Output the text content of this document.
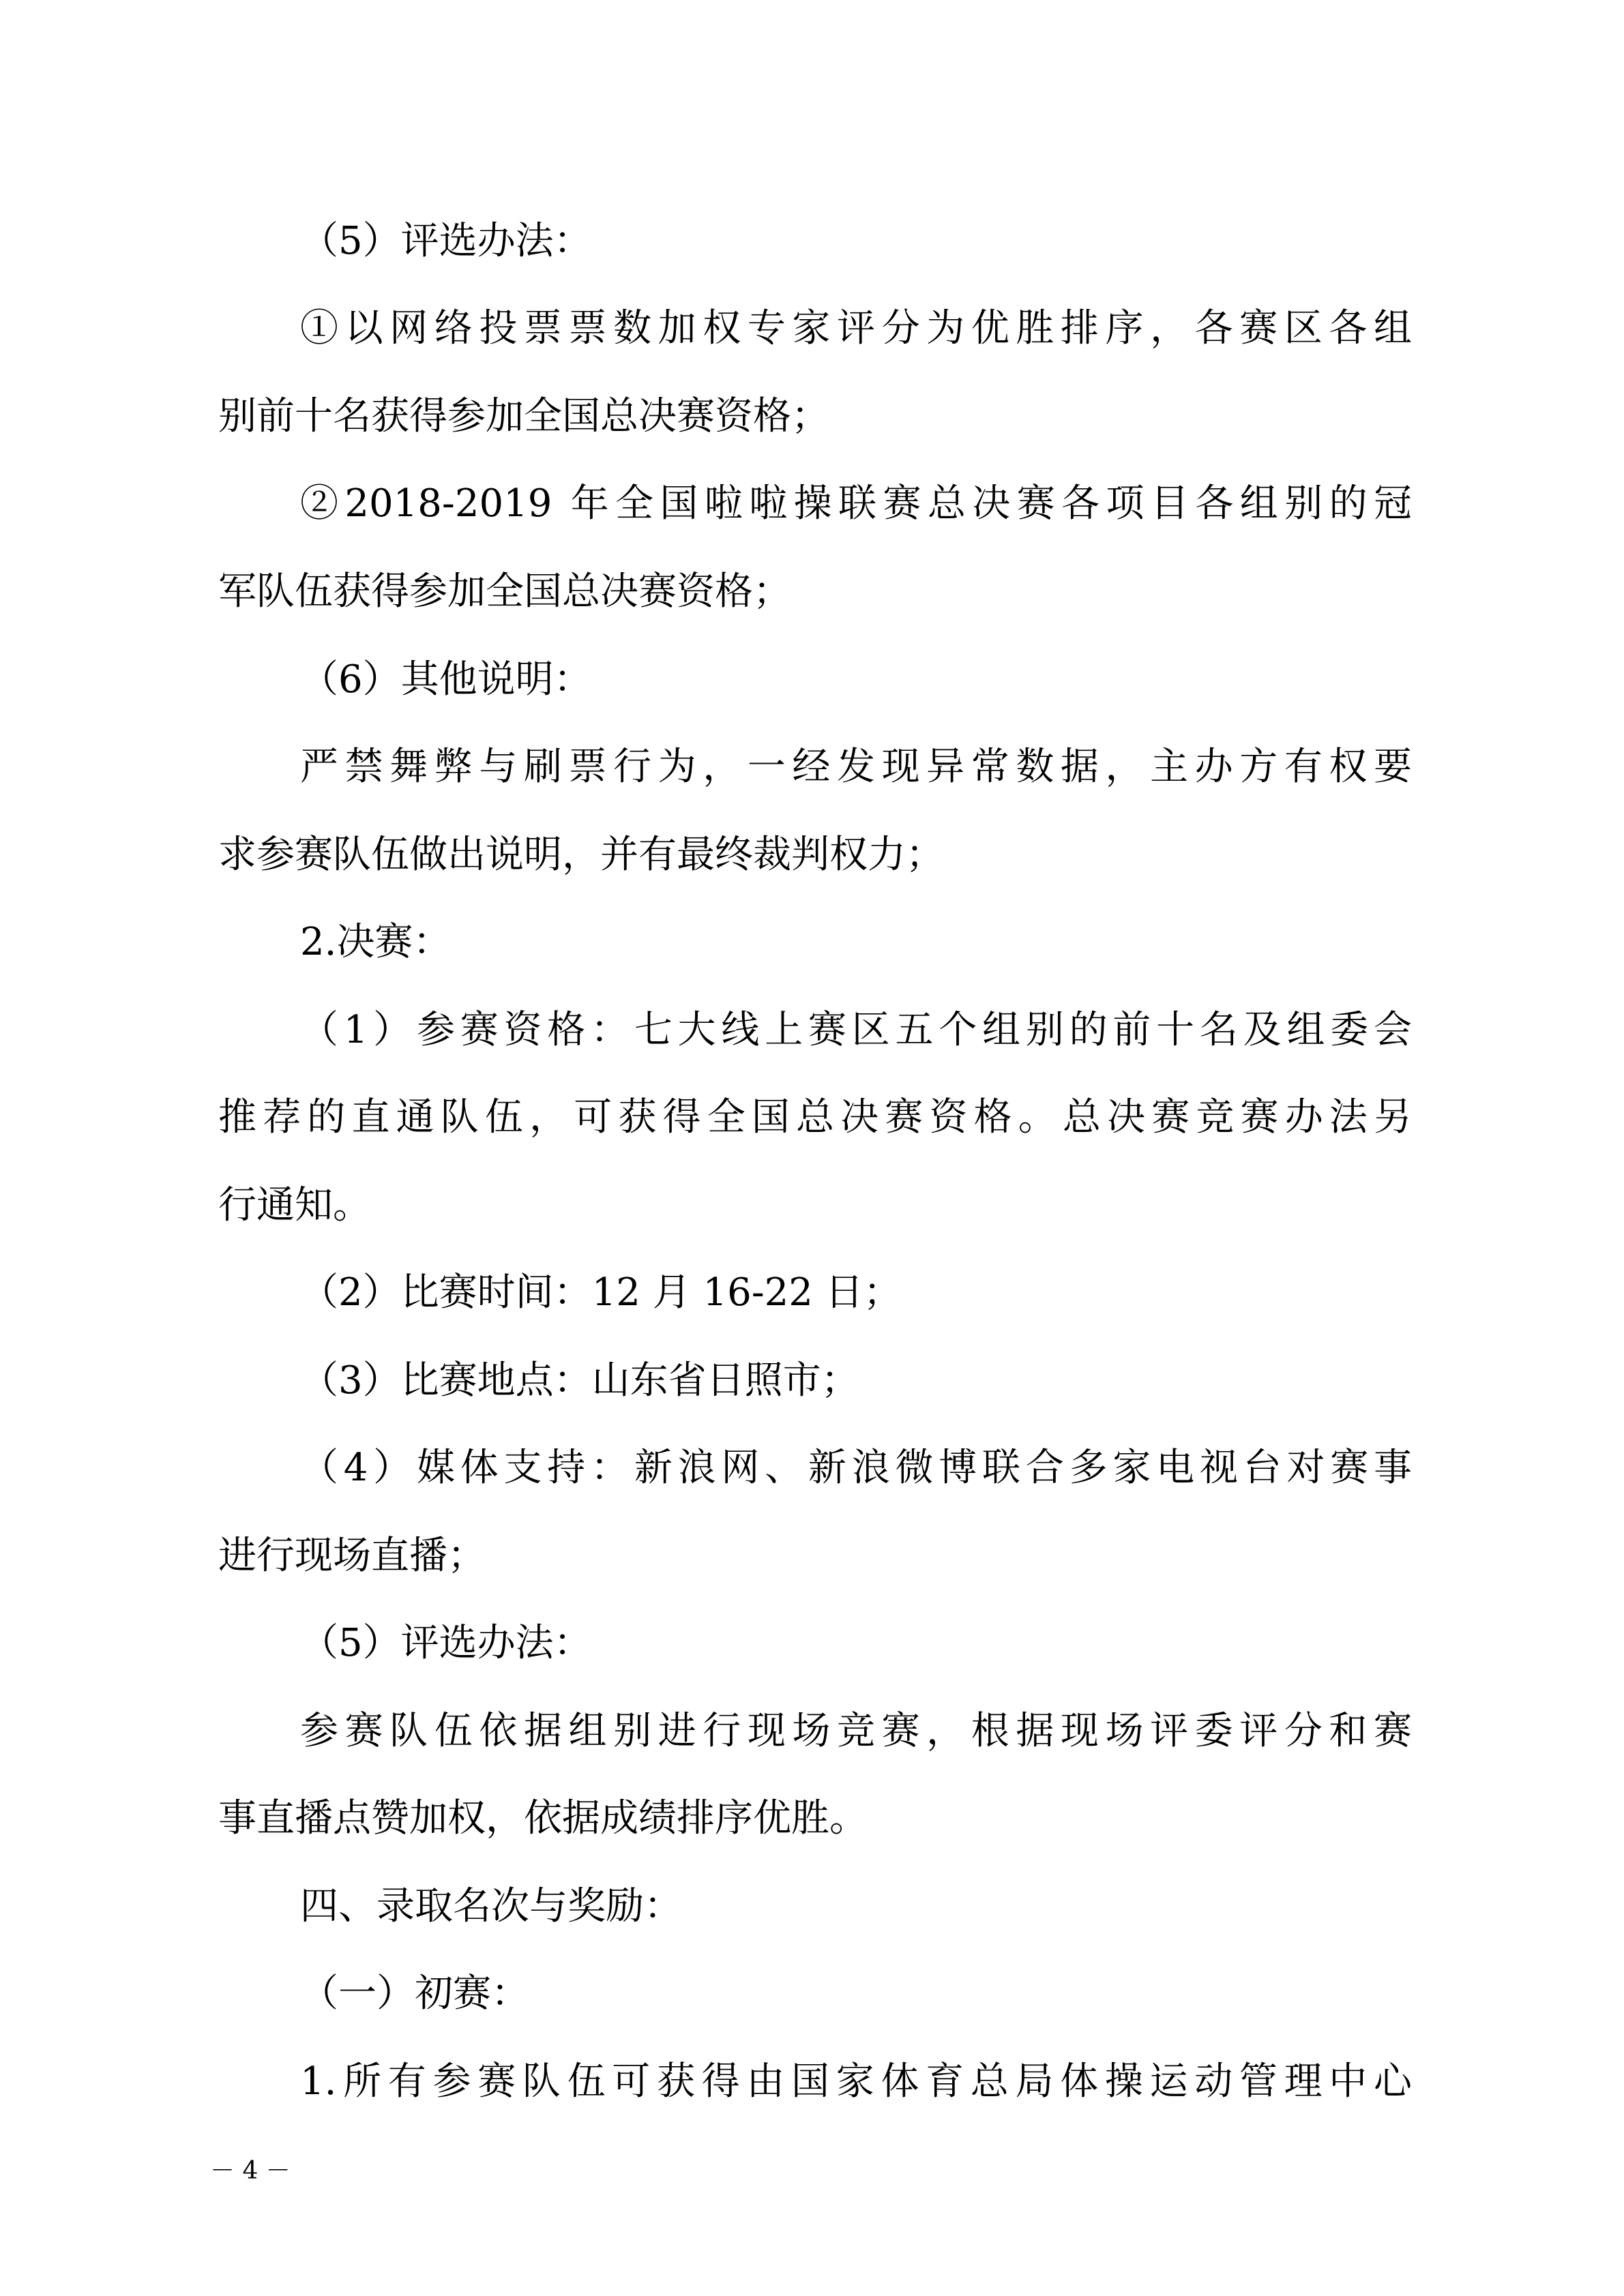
（5）评选办法：
①以网络投票票数加权专家评分为优胜排序，各赛区各组
别前十名获得参加全国总决赛资格；
②2018-2019 年全国啦啦操联赛总决赛各项目各组别的冠
军队伍获得参加全国总决赛资格；
（6）其他说明：
严禁舞弊与刷票行为，一经发现异常数据，主办方有权要
求参赛队伍做出说明，并有最终裁判权力；
2.决赛：
（1）参赛资格：七大线上赛区五个组别的前十名及组委会
推荐的直通队伍，可获得全国总决赛资格。总决赛竞赛办法另
行通知。
（2）比赛时间：12 月 16-22 日；
（3）比赛地点：山东省日照市；
（4）媒体支持：新浪网、新浪微博联合多家电视台对赛事
进行现场直播；
（5）评选办法：
参赛队伍依据组别进行现场竞赛，根据现场评委评分和赛
事直播点赞加权，依据成绩排序优胜。
四、录取名次与奖励：
（一）初赛：
1.所有参赛队伍可获得由国家体育总局体操运动管理中心
－ 4 －
